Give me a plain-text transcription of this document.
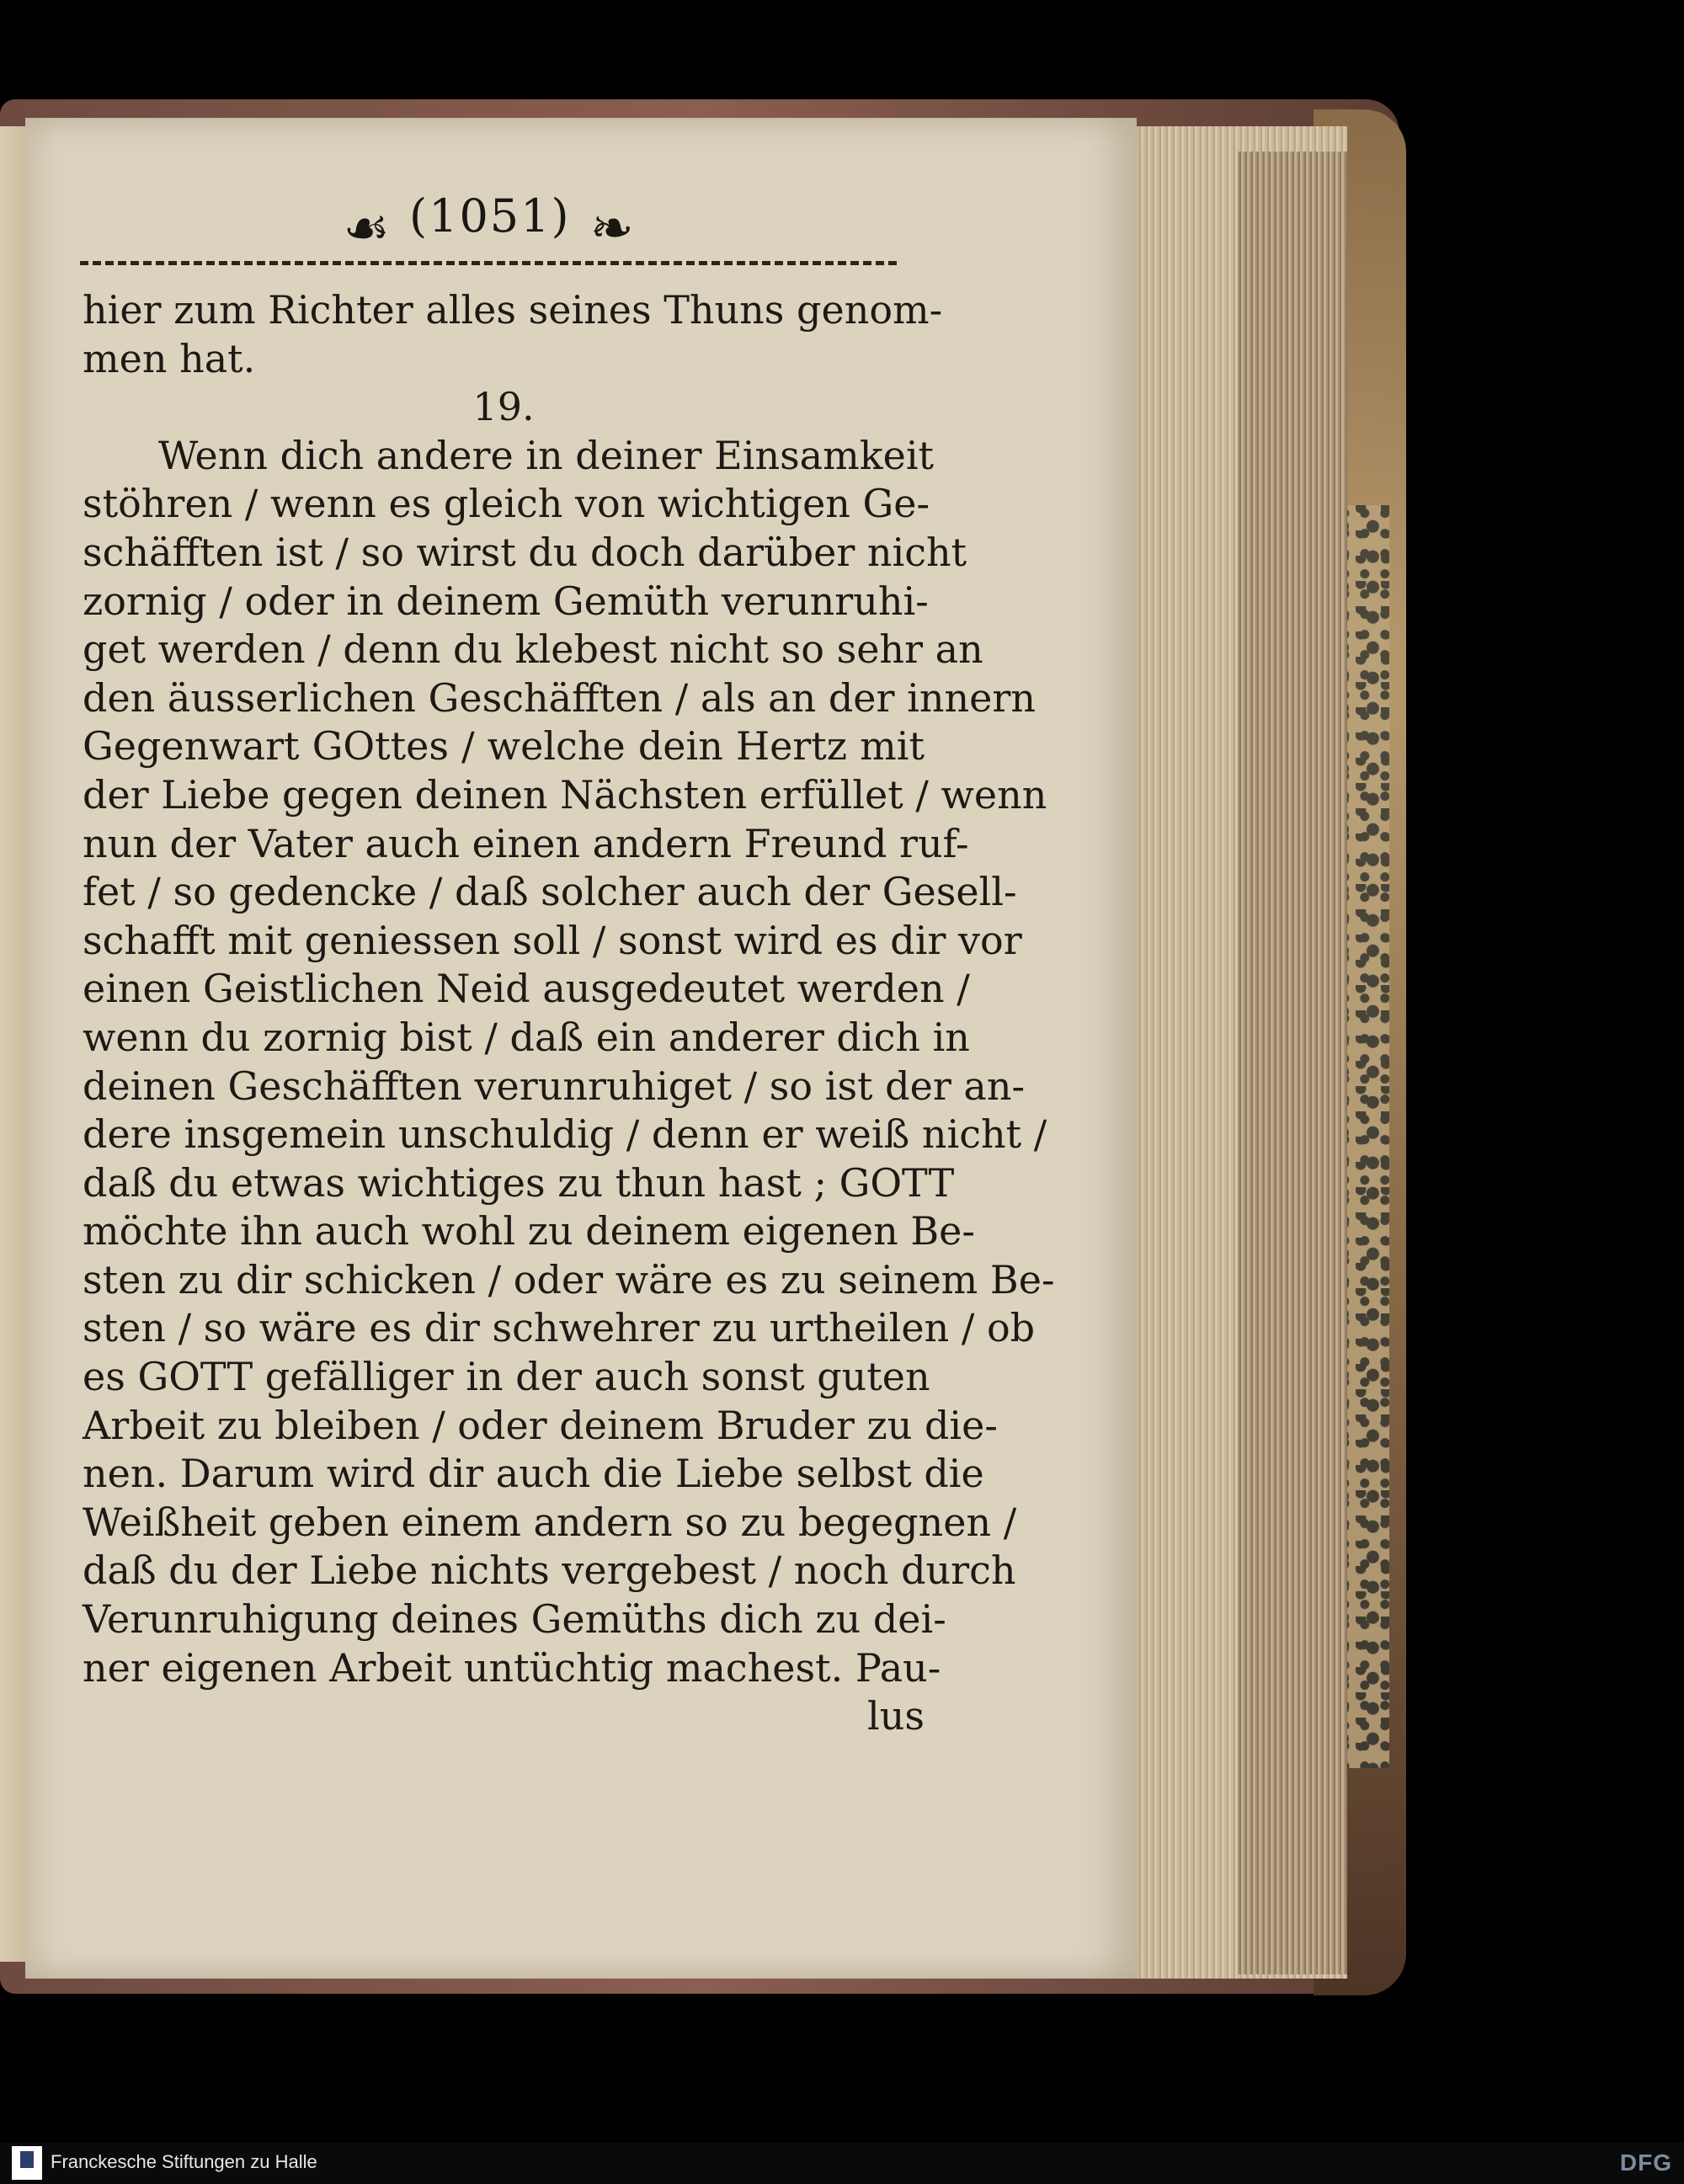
☙ (1051) ❧
hier zum Richter alles seines Thuns genom-
men hat.
19.
Wenn dich andere in deiner Einsamkeit
stöhren / wenn es gleich von wichtigen Ge-
schäfften ist / so wirst du doch darüber nicht
zornig / oder in deinem Gemüth verunruhi-
get werden / denn du klebest nicht so sehr an
den äusserlichen Geschäfften / als an der innern
Gegenwart GOttes / welche dein Hertz mit
der Liebe gegen deinen Nächsten erfüllet / wenn
nun der Vater auch einen andern Freund ruf-
fet / so gedencke / daß solcher auch der Gesell-
schafft mit geniessen soll / sonst wird es dir vor
einen Geistlichen Neid ausgedeutet werden /
wenn du zornig bist / daß ein anderer dich in
deinen Geschäfften verunruhiget / so ist der an-
dere insgemein unschuldig / denn er weiß nicht /
daß du etwas wichtiges zu thun hast ; GOTT
möchte ihn auch wohl zu deinem eigenen Be-
sten zu dir schicken / oder wäre es zu seinem Be-
sten / so wäre es dir schwehrer zu urtheilen / ob
es GOTT gefälliger in der auch sonst guten
Arbeit zu bleiben / oder deinem Bruder zu die-
nen. Darum wird dir auch die Liebe selbst die
Weißheit geben einem andern so zu begegnen /
daß du der Liebe nichts vergebest / noch durch
Verunruhigung deines Gemüths dich zu dei-
ner eigenen Arbeit untüchtig machest. Pau-
lus
Franckesche Stiftungen zu Halle	DFG
